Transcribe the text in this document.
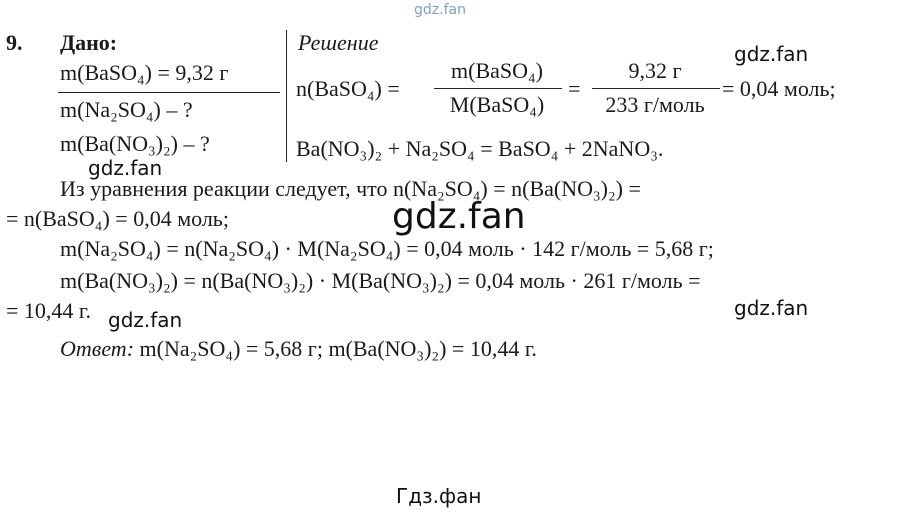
gdz.fan
9. Дано:
m(BaSO₄) = 9,32 г
m(Na₂SO₄) – ?
m(Ba(NO₃)₂) – ?
Решение
n(BaSO₄) =
m(BaSO₄)
M(BaSO₄)
=
9,32 г
233 г/моль
= 0,04 моль;
Ba(NO₃)₂ + Na₂SO₄ = BaSO₄ + 2NaNO₃.
Из уравнения реакции следует, что n(Na₂SO₄) = n(Ba(NO₃)₂) =
= n(BaSO₄) = 0,04 моль;
m(Na₂SO₄) = n(Na₂SO₄) · M(Na₂SO₄) = 0,04 моль · 142 г/моль = 5,68 г;
m(Ba(NO₃)₂) = n(Ba(NO₃)₂) · M(Ba(NO₃)₂) = 0,04 моль · 261 г/моль =
= 10,44 г.
Ответ: m(Na₂SO₄) = 5,68 г; m(Ba(NO₃)₂) = 10,44 г.
gdz.fan
gdz.fan
gdz.fan
gdz.fan
gdz.fan
Гдз.фан
